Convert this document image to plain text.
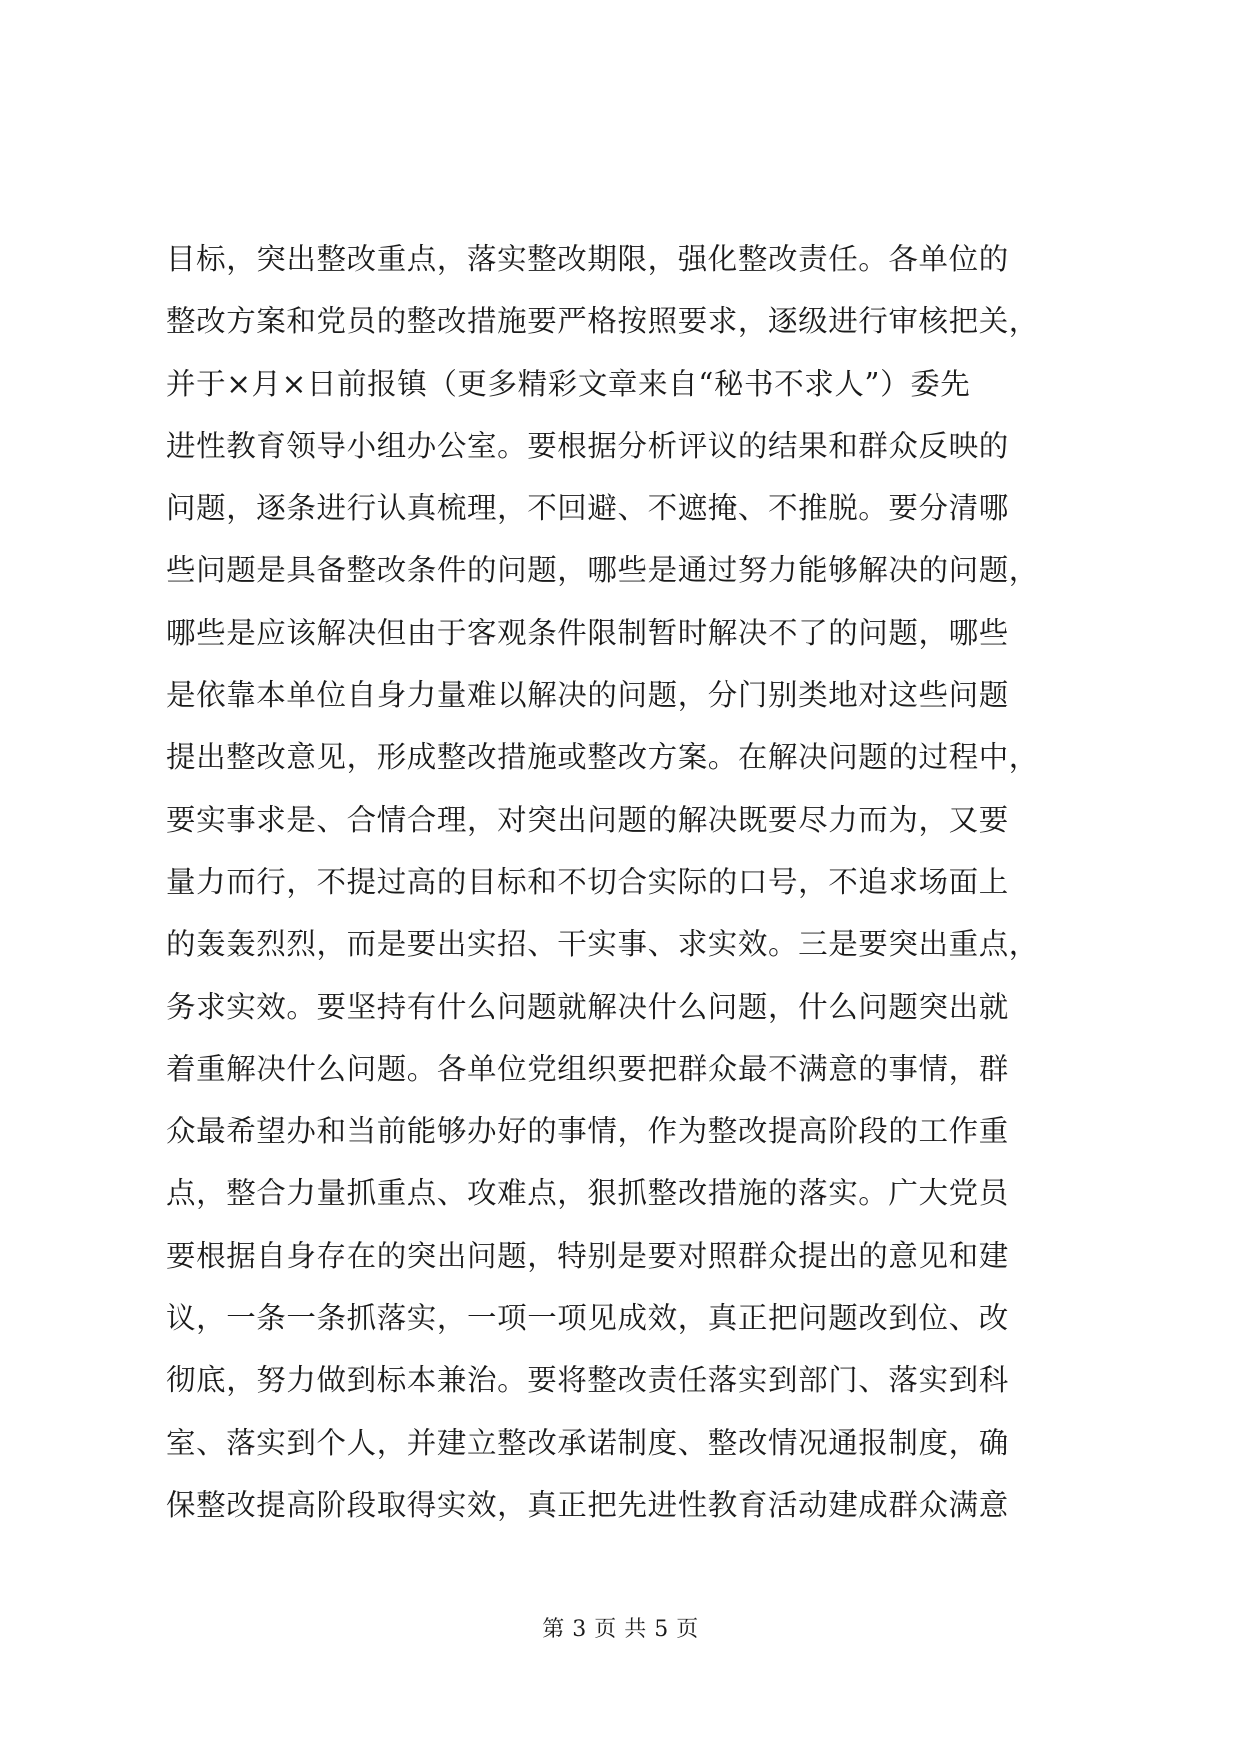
目标，突出整改重点，落实整改期限，强化整改责任。各单位的
整改方案和党员的整改措施要严格按照要求，逐级进行审核把关，
并于×月×日前报镇（更多精彩文章来自“秘书不求人”）委先
进性教育领导小组办公室。要根据分析评议的结果和群众反映的
问题，逐条进行认真梳理，不回避、不遮掩、不推脱。要分清哪
些问题是具备整改条件的问题，哪些是通过努力能够解决的问题，
哪些是应该解决但由于客观条件限制暂时解决不了的问题，哪些
是依靠本单位自身力量难以解决的问题，分门别类地对这些问题
提出整改意见，形成整改措施或整改方案。在解决问题的过程中，
要实事求是、合情合理，对突出问题的解决既要尽力而为，又要
量力而行，不提过高的目标和不切合实际的口号，不追求场面上
的轰轰烈烈，而是要出实招、干实事、求实效。三是要突出重点，
务求实效。要坚持有什么问题就解决什么问题，什么问题突出就
着重解决什么问题。各单位党组织要把群众最不满意的事情，群
众最希望办和当前能够办好的事情，作为整改提高阶段的工作重
点，整合力量抓重点、攻难点，狠抓整改措施的落实。广大党员
要根据自身存在的突出问题，特别是要对照群众提出的意见和建
议，一条一条抓落实，一项一项见成效，真正把问题改到位、改
彻底，努力做到标本兼治。要将整改责任落实到部门、落实到科
室、落实到个人，并建立整改承诺制度、整改情况通报制度，确
保整改提高阶段取得实效，真正把先进性教育活动建成群众满意
第 3 页 共 5 页
